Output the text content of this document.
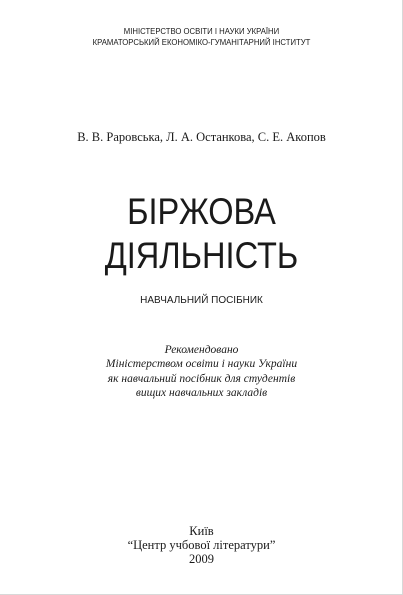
МІНІСТЕРСТВО ОСВІТИ І НАУКИ УКРАЇНИ
КРАМАТОРСЬКИЙ ЕКОНОМІКО-ГУМАНІТАРНИЙ ІНСТИТУТ
В. В. Раровська, Л. А. Останкова, С. Е. Акопов
БІРЖОВА
ДІЯЛЬНІСТЬ
НАВЧАЛЬНИЙ ПОСІБНИК
Рекомендовано
Міністерством освіти і науки України
як навчальний посібник для студентів
вищих навчальних закладів
Київ
“Центр учбової літератури”
2009
